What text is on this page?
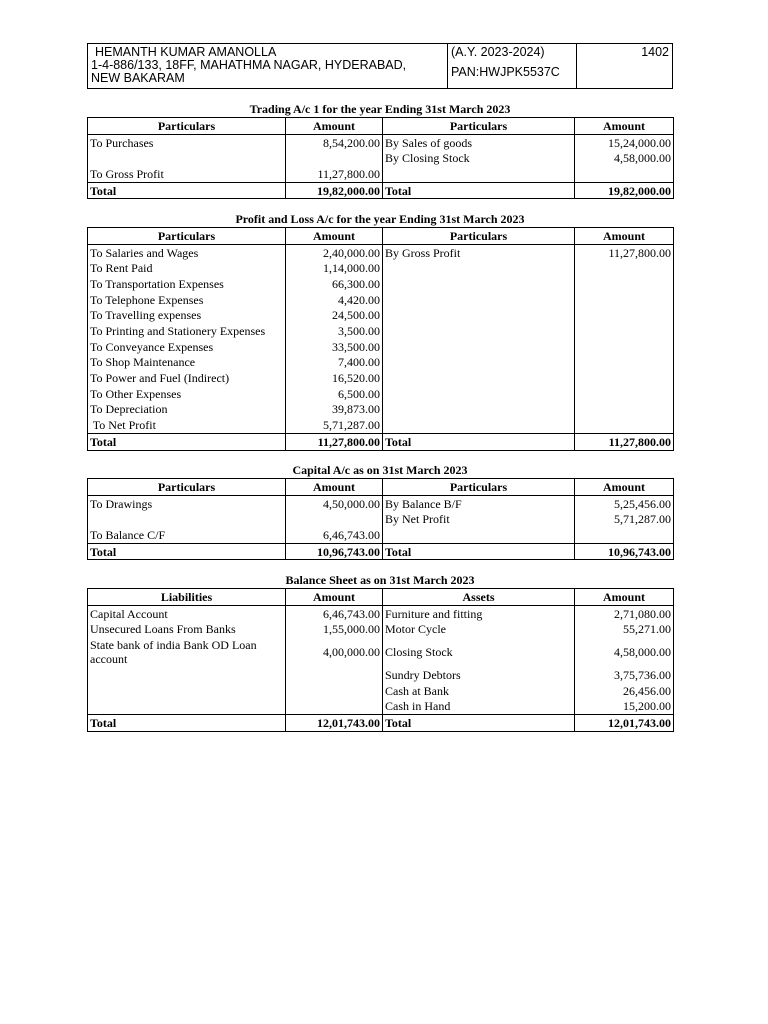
HEMANTH KUMAR AMANOLLA
1-4-886/133, 18FF, MAHATHMA NAGAR, HYDERABAD,
NEW BAKARAM
(A.Y. 2023-2024)
PAN:HWJPK5537C
1402
Trading A/c 1 for the year Ending 31st March 2023
Particulars	Amount	Particulars	Amount
To Purchases	8,54,200.00	By Sales of goods	15,24,000.00
		By Closing Stock	4,58,000.00
To Gross Profit	11,27,800.00		
Total	19,82,000.00	Total	19,82,000.00
Profit and Loss A/c for the year Ending 31st March 2023
Particulars	Amount	Particulars	Amount
To Salaries and Wages	2,40,000.00	By Gross Profit	11,27,800.00
To Rent Paid	1,14,000.00		
To Transportation Expenses	66,300.00		
To Telephone Expenses	4,420.00		
To Travelling expenses	24,500.00		
To Printing and Stationery Expenses	3,500.00		
To Conveyance Expenses	33,500.00		
To Shop Maintenance	7,400.00		
To Power and Fuel (Indirect)	16,520.00		
To Other Expenses	6,500.00		
To Depreciation	39,873.00		
To Net Profit	5,71,287.00		
Total	11,27,800.00	Total	11,27,800.00
Capital A/c as on 31st March 2023
Particulars	Amount	Particulars	Amount
To Drawings	4,50,000.00	By Balance B/F	5,25,456.00
		By Net Profit	5,71,287.00
To Balance C/F	6,46,743.00		
Total	10,96,743.00	Total	10,96,743.00
Balance Sheet as on 31st March 2023
Liabilities	Amount	Assets	Amount
Capital Account	6,46,743.00	Furniture and fitting	2,71,080.00
Unsecured Loans From Banks	1,55,000.00	Motor Cycle	55,271.00
State bank of india Bank OD Loan account	4,00,000.00	Closing Stock	4,58,000.00
		Sundry Debtors	3,75,736.00
		Cash at Bank	26,456.00
		Cash in Hand	15,200.00
Total	12,01,743.00	Total	12,01,743.00
